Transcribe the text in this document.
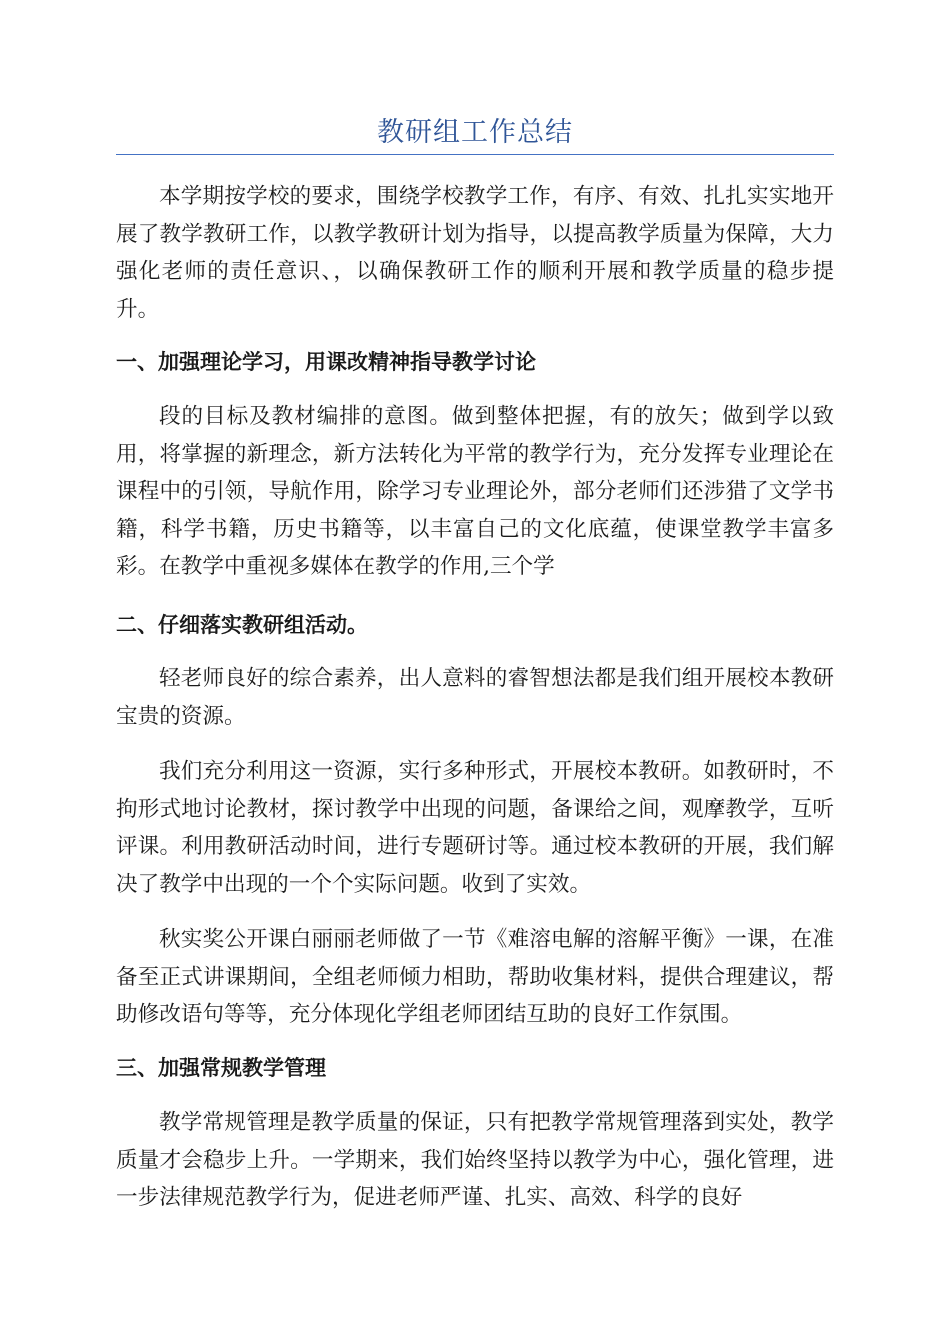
教研组工作总结

本学期按学校的要求，围绕学校教学工作，有序、有效、扎扎实实地开展了教学教研工作，以教学教研计划为指导，以提高教学质量为保障，大力强化老师的责任意识、，以确保教研工作的顺利开展和教学质量的稳步提升。

一、加强理论学习，用课改精神指导教学讨论

段的目标及教材编排的意图。做到整体把握，有的放矢；做到学以致用，将掌握的新理念，新方法转化为平常的教学行为，充分发挥专业理论在课程中的引领，导航作用，除学习专业理论外，部分老师们还涉猎了文学书籍，科学书籍，历史书籍等，以丰富自己的文化底蕴，使课堂教学丰富多彩。在教学中重视多媒体在教学的作用,三个学

二、仔细落实教研组活动。

轻老师良好的综合素养，出人意料的睿智想法都是我们组开展校本教研宝贵的资源。

我们充分利用这一资源，实行多种形式，开展校本教研。如教研时，不拘形式地讨论教材，探讨教学中出现的问题，备课给之间，观摩教学，互听评课。利用教研活动时间，进行专题研讨等。通过校本教研的开展，我们解决了教学中出现的一个个实际问题。收到了实效。

秋实奖公开课白丽丽老师做了一节《难溶电解的溶解平衡》一课，在准备至正式讲课期间，全组老师倾力相助，帮助收集材料，提供合理建议，帮助修改语句等等，充分体现化学组老师团结互助的良好工作氛围。

三、加强常规教学管理

教学常规管理是教学质量的保证，只有把教学常规管理落到实处，教学质量才会稳步上升。一学期来，我们始终坚持以教学为中心，强化管理，进一步法律规范教学行为，促进老师严谨、扎实、高效、科学的良好
